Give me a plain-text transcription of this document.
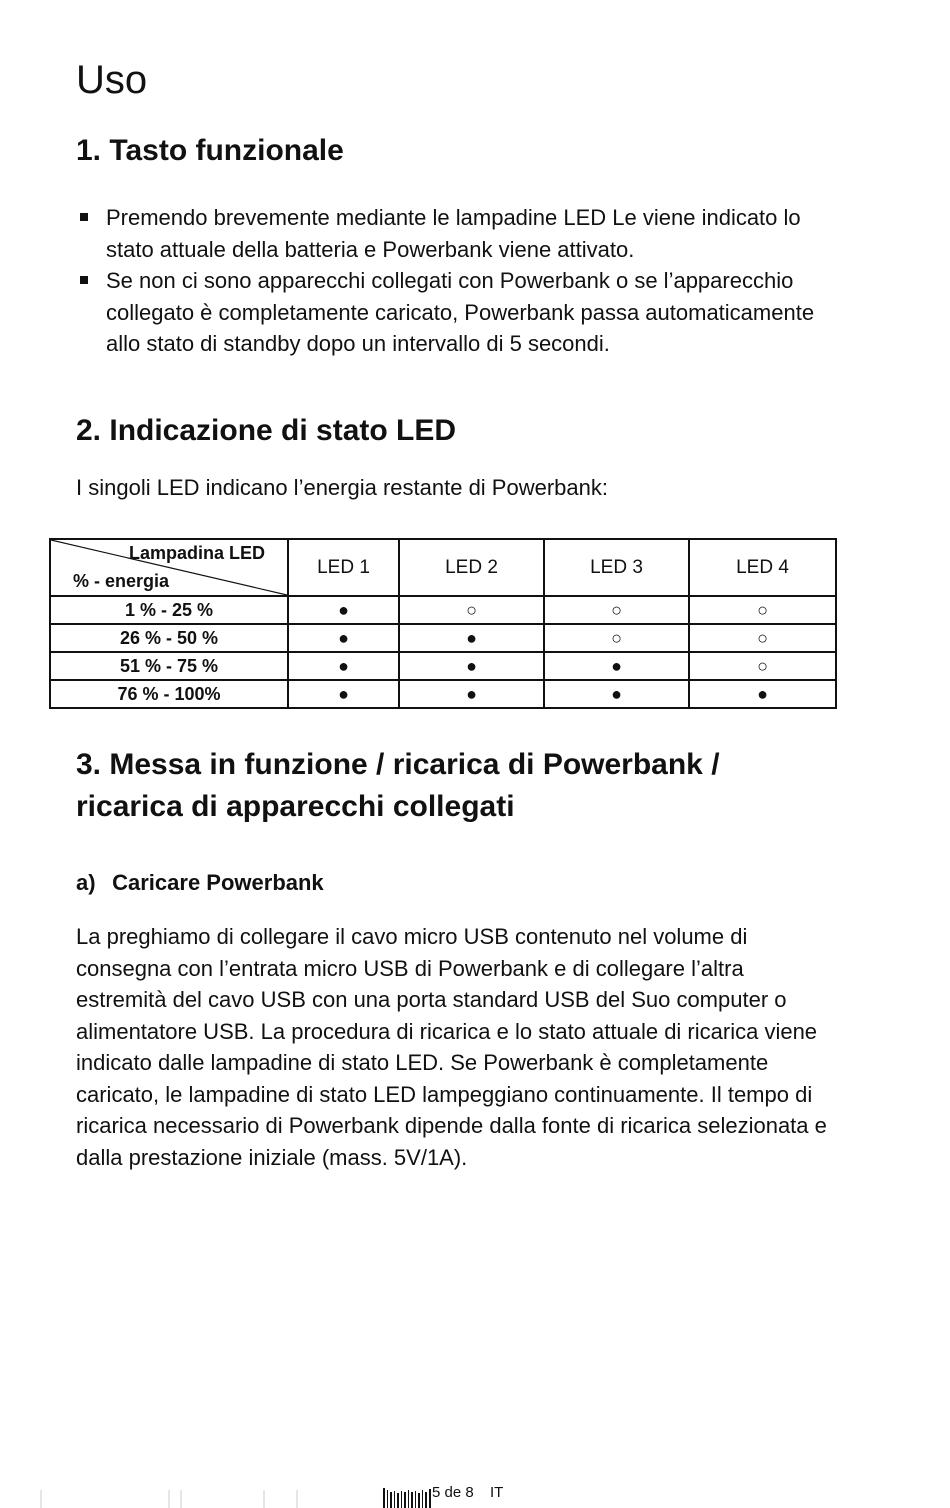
Uso
1. Tasto funzionale
Premendo brevemente mediante le lampadine LED Le viene indicato lo stato attuale della batteria e Powerbank viene attivato.
Se non ci sono apparecchi collegati con Powerbank o se l’apparecchio collegato è completamente caricato, Powerbank passa automaticamente allo stato di standby dopo un intervallo di 5 secondi.
2. Indicazione di stato LED

I singoli LED indicano l’energia restante di Powerbank:

Lampadina LED
% - energia	LED 1	LED 2	LED 3	LED 4
1 % - 25 %	●	○	○	○
26 % - 50 %	●	●	○	○
51 % - 75 %	●	●	●	○
76 % - 100%	●	●	●	●
3. Messa in funzione / ricarica di Powerbank /
ricarica di apparecchi collegati

a) Caricare Powerbank

La preghiamo di collegare il cavo micro USB contenuto nel volume di consegna con l’entrata micro USB di Powerbank e di collegare l’altra estremità del cavo USB con una porta standard USB del Suo computer o alimentatore USB. La procedura di ricarica e lo stato attuale di ricarica viene indicato dalle lampadine di stato LED. Se Powerbank è completamente caricato, le lampadine di stato LED lampeggiano continuamente. Il tempo di ricarica necessario di Powerbank dipende dalla fonte di ricarica selezionata e dalla prestazione iniziale (mass. 5V/1A).

5 de 8 IT
